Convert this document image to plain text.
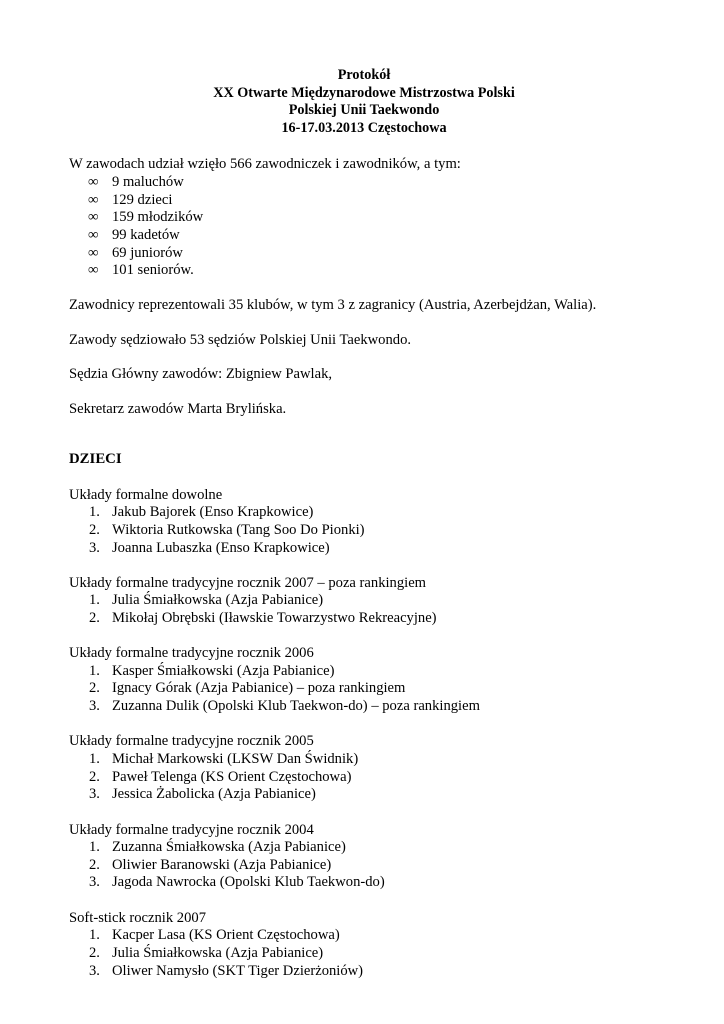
Protokół
XX Otwarte Międzynarodowe Mistrzostwa Polski
Polskiej Unii Taekwondo
16-17.03.2013 Częstochowa
W zawodach udział wzięło 566 zawodniczek i zawodników, a tym:
∞ 9 maluchów
∞ 129 dzieci
∞ 159 młodzików
∞ 99 kadetów
∞ 69 juniorów
∞ 101 seniorów.
Zawodnicy reprezentowali 35 klubów, w tym 3 z zagranicy (Austria, Azerbejdżan, Walia).
Zawody sędziowało 53 sędziów Polskiej Unii Taekwondo.
Sędzia Główny zawodów: Zbigniew Pawlak,
Sekretarz zawodów Marta Brylińska.
DZIECI
Układy formalne dowolne
1. Jakub Bajorek (Enso Krapkowice)
2. Wiktoria Rutkowska (Tang Soo Do Pionki)
3. Joanna Lubaszka (Enso Krapkowice)
Układy formalne tradycyjne rocznik 2007 – poza rankingiem
1. Julia Śmiałkowska (Azja Pabianice)
2. Mikołaj Obrębski (Iławskie Towarzystwo Rekreacyjne)
Układy formalne tradycyjne rocznik 2006
1. Kasper Śmiałkowski (Azja Pabianice)
2. Ignacy Górak (Azja Pabianice) – poza rankingiem
3. Zuzanna Dulik (Opolski Klub Taekwon-do) – poza rankingiem
Układy formalne tradycyjne rocznik 2005
1. Michał Markowski (LKSW Dan Świdnik)
2. Paweł Telenga (KS Orient Częstochowa)
3. Jessica Żabolicka (Azja Pabianice)
Układy formalne tradycyjne rocznik 2004
1. Zuzanna Śmiałkowska (Azja Pabianice)
2. Oliwier Baranowski (Azja Pabianice)
3. Jagoda Nawrocka (Opolski Klub Taekwon-do)
Soft-stick rocznik 2007
1. Kacper Lasa (KS Orient Częstochowa)
2. Julia Śmiałkowska (Azja Pabianice)
3. Oliwer Namysło (SKT Tiger Dzierżoniów)
